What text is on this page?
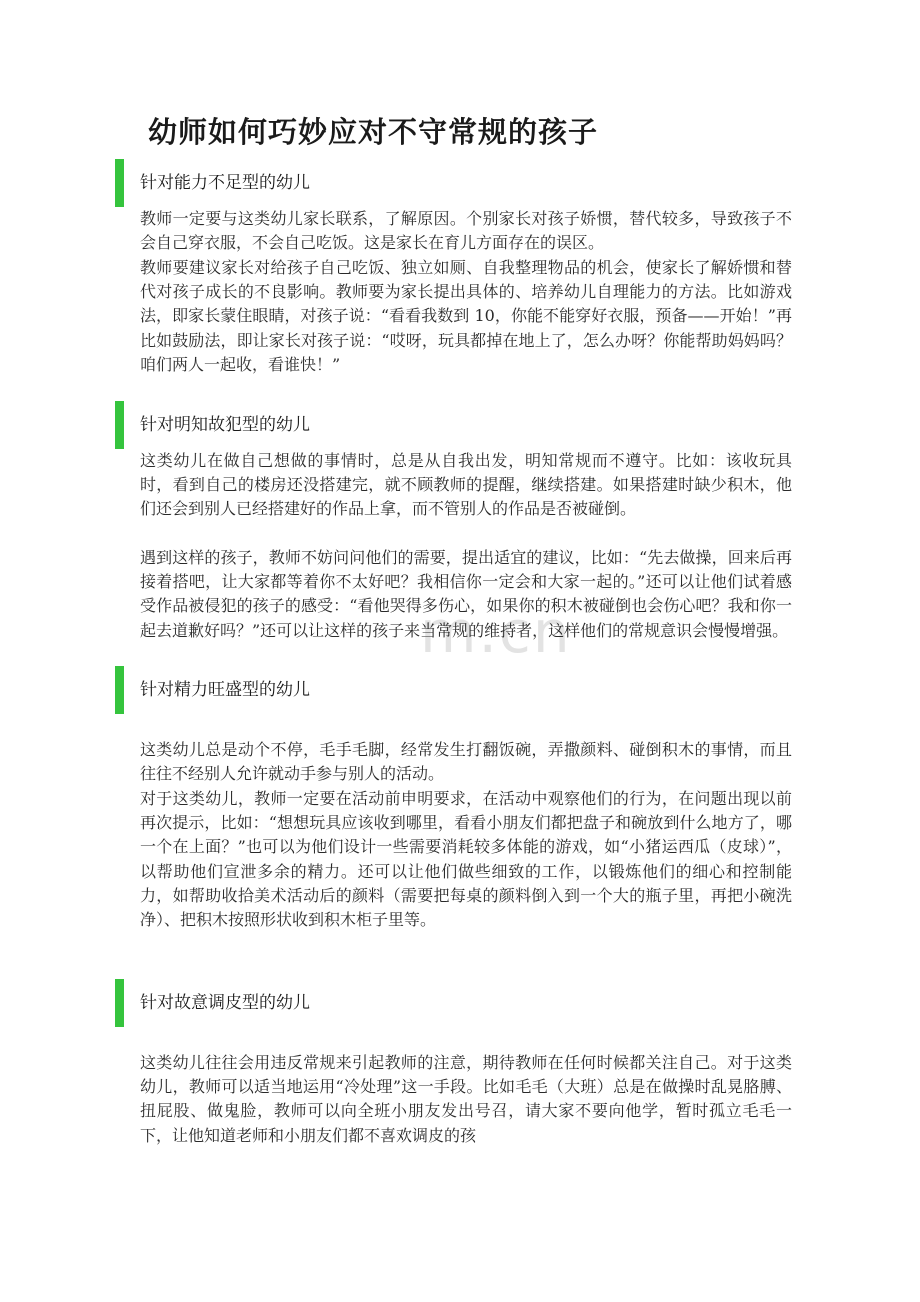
m.cn
幼师如何巧妙应对不守常规的孩子
针对能力不足型的幼儿

教师一定要与这类幼儿家长联系，了解原因。个别家长对孩子娇惯，替代较多，导致孩子不会自己穿衣服，不会自己吃饭。这是家长在育儿方面存在的误区。

教师要建议家长对给孩子自己吃饭、独立如厕、自我整理物品的机会，使家长了解娇惯和替代对孩子成长的不良影响。教师要为家长提出具体的、培养幼儿自理能力的方法。比如游戏法，即家长蒙住眼睛，对孩子说：“看看我数到 10，你能不能穿好衣服，预备——开始！”再比如鼓励法，即让家长对孩子说：“哎呀，玩具都掉在地上了，怎么办呀？你能帮助妈妈吗？咱们两人一起收，看谁快！”

针对明知故犯型的幼儿

这类幼儿在做自己想做的事情时，总是从自我出发，明知常规而不遵守。比如：该收玩具时，看到自己的楼房还没搭建完，就不顾教师的提醒，继续搭建。如果搭建时缺少积木，他们还会到别人已经搭建好的作品上拿，而不管别人的作品是否被碰倒。

遇到这样的孩子，教师不妨问问他们的需要，提出适宜的建议，比如：“先去做操，回来后再接着搭吧，让大家都等着你不太好吧？我相信你一定会和大家一起的。”还可以让他们试着感受作品被侵犯的孩子的感受：“看他哭得多伤心，如果你的积木被碰倒也会伤心吧？我和你一起去道歉好吗？”还可以让这样的孩子来当常规的维持者，这样他们的常规意识会慢慢增强。

针对精力旺盛型的幼儿

这类幼儿总是动个不停，毛手毛脚，经常发生打翻饭碗，弄撒颜料、碰倒积木的事情，而且往往不经别人允许就动手参与别人的活动。

对于这类幼儿，教师一定要在活动前申明要求，在活动中观察他们的行为，在问题出现以前再次提示，比如：“想想玩具应该收到哪里，看看小朋友们都把盘子和碗放到什么地方了，哪一个在上面？”也可以为他们设计一些需要消耗较多体能的游戏，如“小猪运西瓜（皮球）”，以帮助他们宣泄多余的精力。还可以让他们做些细致的工作，以锻炼他们的细心和控制能力，如帮助收拾美术活动后的颜料（需要把每桌的颜料倒入到一个大的瓶子里，再把小碗洗净）、把积木按照形状收到积木柜子里等。

针对故意调皮型的幼儿

这类幼儿往往会用违反常规来引起教师的注意，期待教师在任何时候都关注自己。对于这类幼儿，教师可以适当地运用“冷处理”这一手段。比如毛毛（大班）总是在做操时乱晃胳膊、扭屁股、做鬼脸，教师可以向全班小朋友发出号召，请大家不要向他学，暂时孤立毛毛一下，让他知道老师和小朋友们都不喜欢调皮的孩
